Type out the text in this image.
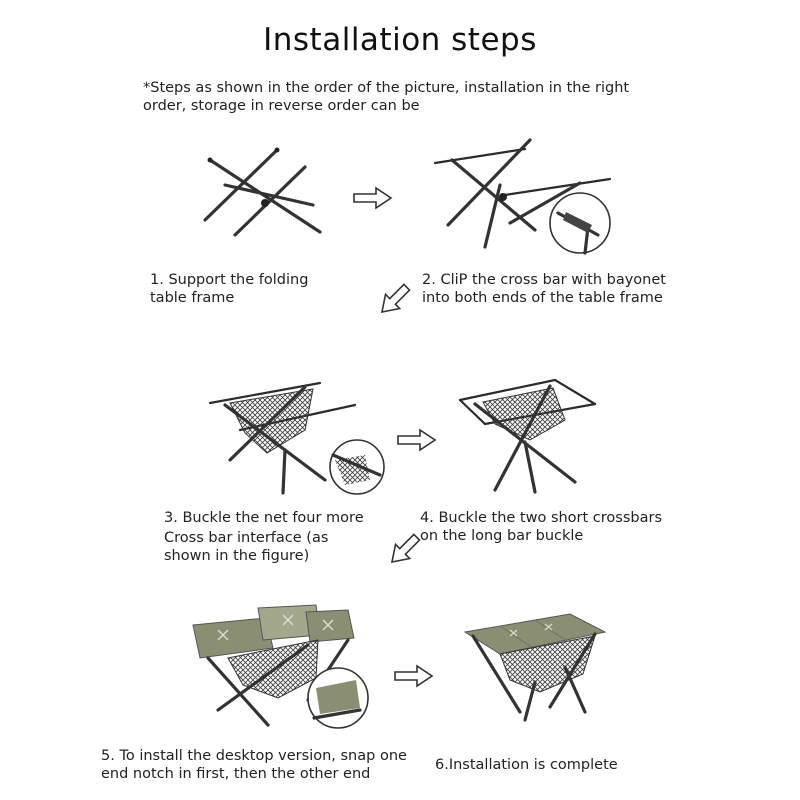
Installation steps
*Steps as shown in the order of the picture, installation in the right
order, storage in reverse order can be
1. Support the folding
table frame
2. CliP the cross bar with bayonet
into both ends of the table frame
3. Buckle the net four more
Cross bar interface (as
shown in the figure)
4. Buckle the two short crossbars
on the long bar buckle
5. To install the desktop version, snap one
end notch in first, then the other end
6.Installation is complete
